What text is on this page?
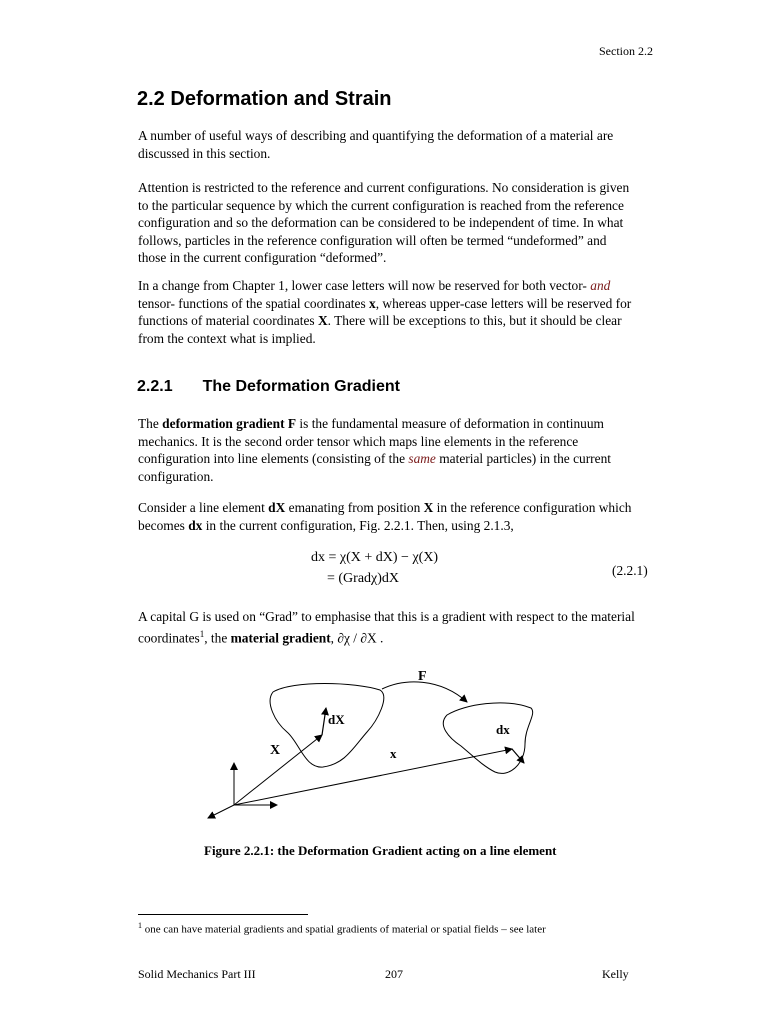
Section 2.2
2.2 Deformation and Strain
A number of useful ways of describing and quantifying the deformation of a material are discussed in this section.
Attention is restricted to the reference and current configurations. No consideration is given to the particular sequence by which the current configuration is reached from the reference configuration and so the deformation can be considered to be independent of time. In what follows, particles in the reference configuration will often be termed “undeformed” and those in the current configuration “deformed”.
In a change from Chapter 1, lower case letters will now be reserved for both vector- and tensor- functions of the spatial coordinates x, whereas upper-case letters will be reserved for functions of material coordinates X. There will be exceptions to this, but it should be clear from the context what is implied.
2.2.1 The Deformation Gradient
The deformation gradient F is the fundamental measure of deformation in continuum mechanics. It is the second order tensor which maps line elements in the reference configuration into line elements (consisting of the same material particles) in the current configuration.
Consider a line element dX emanating from position X in the reference configuration which becomes dx in the current configuration, Fig. 2.2.1. Then, using 2.1.3,
dx = χ(X + dX) − χ(X)
= (Gradχ)dX
(2.2.1)
A capital G is used on “Grad” to emphasise that this is a gradient with respect to the material coordinates$^1$, the material gradient, ∂χ / ∂X .
F
dX
X	x
dx
Figure 2.2.1: the Deformation Gradient acting on a line element
$^1$ one can have material gradients and spatial gradients of material or spatial fields – see later
Solid Mechanics Part III	207	Kelly
